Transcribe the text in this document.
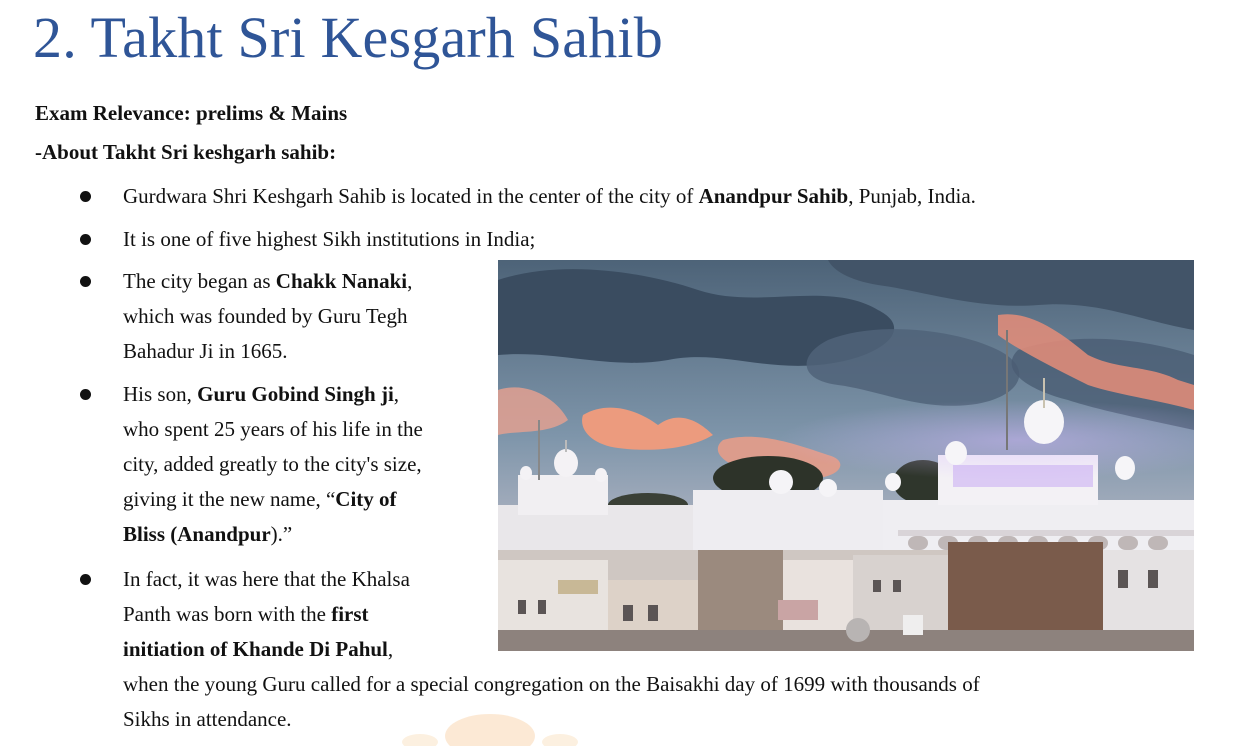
2. Takht Sri Kesgarh Sahib

Exam Relevance: prelims & Mains

-About Takht Sri keshgarh sahib:

Gurdwara Shri Keshgarh Sahib is located in the center of the city of Anandpur Sahib, Punjab, India.
It is one of five highest Sikh institutions in India;
The city began as Chakk Nanaki,
which was founded by Guru Tegh
Bahadur Ji in 1665.
His son, Guru Gobind Singh ji,
who spent 25 years of his life in the
city, added greatly to the city's size,
giving it the new name, “City of
Bliss (Anandpur).”
In fact, it was here that the Khalsa
Panth was born with the first
initiation of Khande Di Pahul,
when the young Guru called for a special congregation on the Baisakhi day of 1699 with thousands of
Sikhs in attendance.
